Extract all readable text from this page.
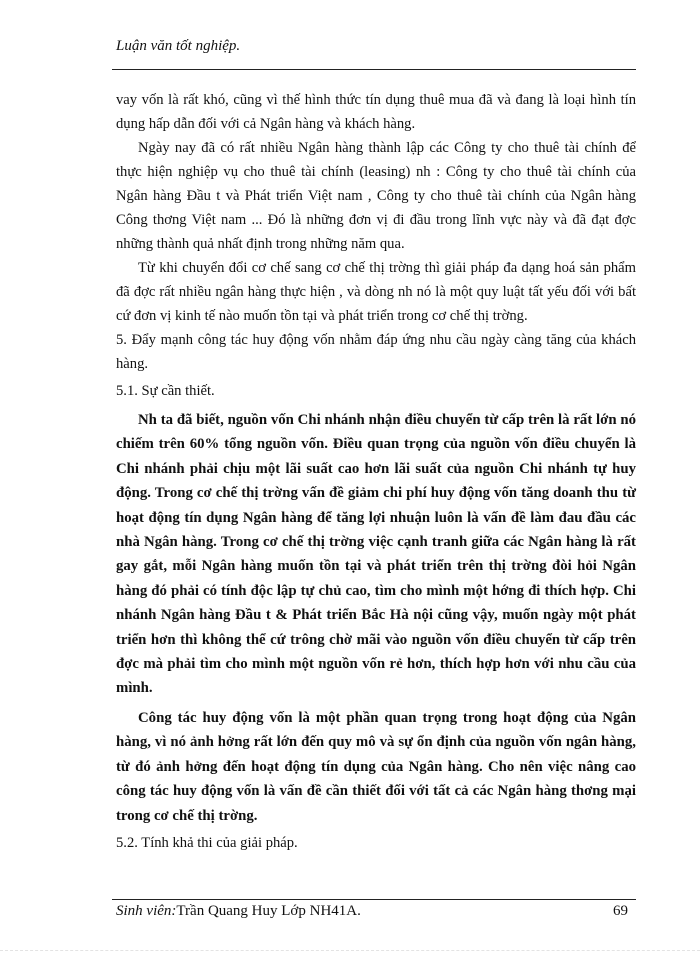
Luận văn tốt nghiệp.

vay vốn là rất khó, cũng vì thế hình thức tín dụng thuê mua đã và đang là loại hình tín dụng hấp dẫn đối với cả Ngân hàng và khách hàng.

Ngày nay đã có rất nhiều Ngân hàng thành lập các Công ty cho thuê tài chính để thực hiện nghiệp vụ cho thuê tài chính (leasing) nh : Công ty cho thuê tài chính của Ngân hàng Đầu t và Phát triển Việt nam , Công ty cho thuê tài chính của Ngân hàng Công thơng Việt nam ... Đó là những đơn vị đi đầu trong lĩnh vực này và đã đạt đợc những thành quả nhất định trong những năm qua.

Từ khi chuyển đổi cơ chế sang cơ chế thị trờng thì giải pháp đa dạng hoá sản phẩm đã đợc rất nhiều ngân hàng thực hiện , và dòng nh nó là một quy luật tất yếu đối với bất cứ đơn vị kinh tế nào muốn tồn tại và phát triển trong cơ chế thị trờng.

5. Đẩy mạnh công tác huy động vốn nhằm đáp ứng nhu cầu ngày càng tăng của khách hàng.

5.1. Sự cần thiết.

Nh ta đã biết, nguồn vốn Chi nhánh nhận điều chuyển từ cấp trên là rất lớn nó chiếm trên 60% tổng nguồn vốn. Điều quan trọng của nguồn vốn điều chuyển là Chi nhánh phải chịu một lãi suất cao hơn lãi suất của nguồn Chi nhánh tự huy động. Trong cơ chế thị trờng vấn đề giảm chi phí huy động vốn tăng doanh thu từ hoạt động tín dụng Ngân hàng để tăng lợi nhuận luôn là vấn đề làm đau đầu các nhà Ngân hàng. Trong cơ chế thị trờng việc cạnh tranh giữa các Ngân hàng là rất gay gắt, mỗi Ngân hàng muốn tồn tại và phát triển trên thị trờng đòi hỏi Ngân hàng đó phải có tính độc lập tự chủ cao, tìm cho mình một hớng đi thích hợp. Chi nhánh Ngân hàng Đầu t & Phát triển Bắc Hà nội cũng vậy, muốn ngày một phát triển hơn thì không thể cứ trông chờ mãi vào nguồn vốn điều chuyển từ cấp trên đợc mà phải tìm cho mình một nguồn vốn rẻ hơn, thích hợp hơn với nhu cầu của mình.

Công tác huy động vốn là một phần quan trọng trong hoạt động của Ngân hàng, vì nó ảnh hởng rất lớn đến quy mô và sự ổn định của nguồn vốn ngân hàng, từ đó ảnh hởng đến hoạt động tín dụng của Ngân hàng. Cho nên việc nâng cao công tác huy động vốn là vấn đề cần thiết đối với tất cả các Ngân hàng thơng mại trong cơ chế thị trờng.

5.2. Tính khả thi của giải pháp.

Sinh viên:Trần Quang Huy Lớp NH41A.	69
